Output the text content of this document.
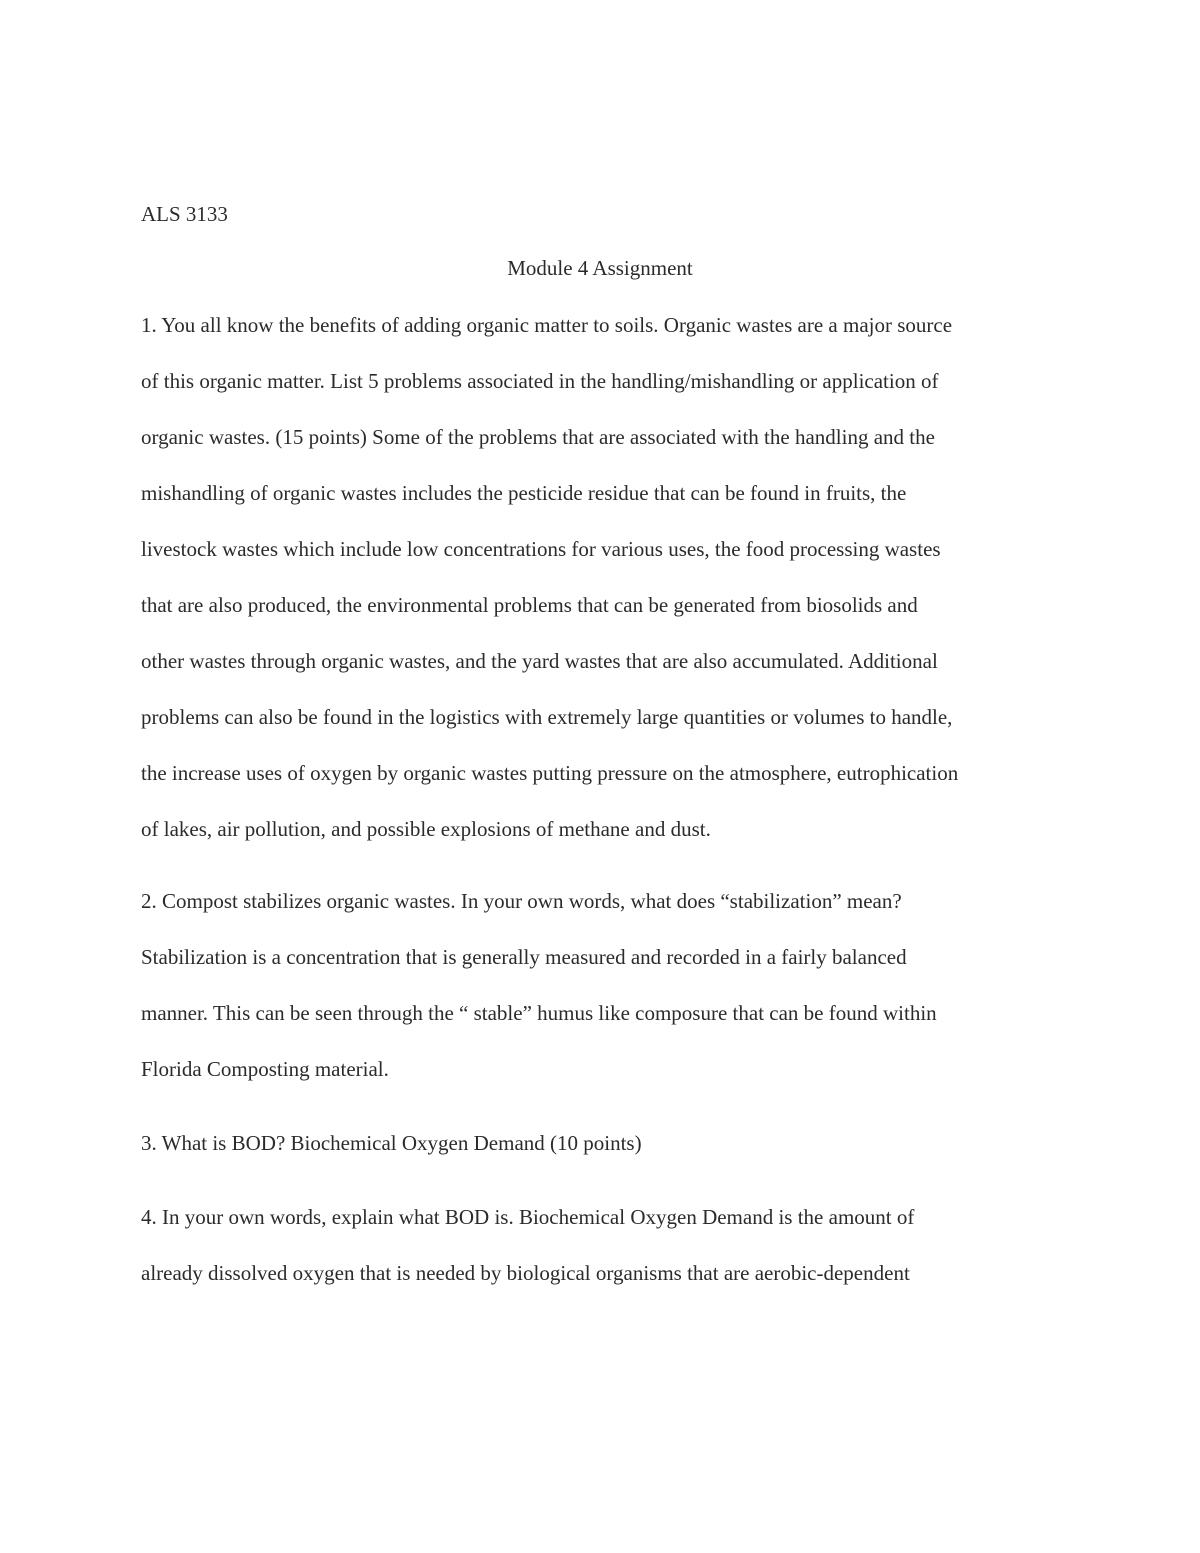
ALS 3133

Module 4 Assignment

1. You all know the benefits of adding organic matter to soils. Organic wastes are a major source

of this organic matter. List 5 problems associated in the handling/mishandling or application of

organic wastes. (15 points) Some of the problems that are associated with the handling and the

mishandling of organic wastes includes the pesticide residue that can be found in fruits, the

livestock wastes which include low concentrations for various uses, the food processing wastes

that are also produced, the environmental problems that can be generated from biosolids and

other wastes through organic wastes, and the yard wastes that are also accumulated. Additional

problems can also be found in the logistics with extremely large quantities or volumes to handle,

the increase uses of oxygen by organic wastes putting pressure on the atmosphere, eutrophication

of lakes, air pollution, and possible explosions of methane and dust.

2. Compost stabilizes organic wastes. In your own words, what does “stabilization” mean?

Stabilization is a concentration that is generally measured and recorded in a fairly balanced

manner. This can be seen through the “ stable” humus like composure that can be found within

Florida Composting material.

3. What is BOD? Biochemical Oxygen Demand (10 points)

4. In your own words, explain what BOD is. Biochemical Oxygen Demand is the amount of

already dissolved oxygen that is needed by biological organisms that are aerobic-dependent
